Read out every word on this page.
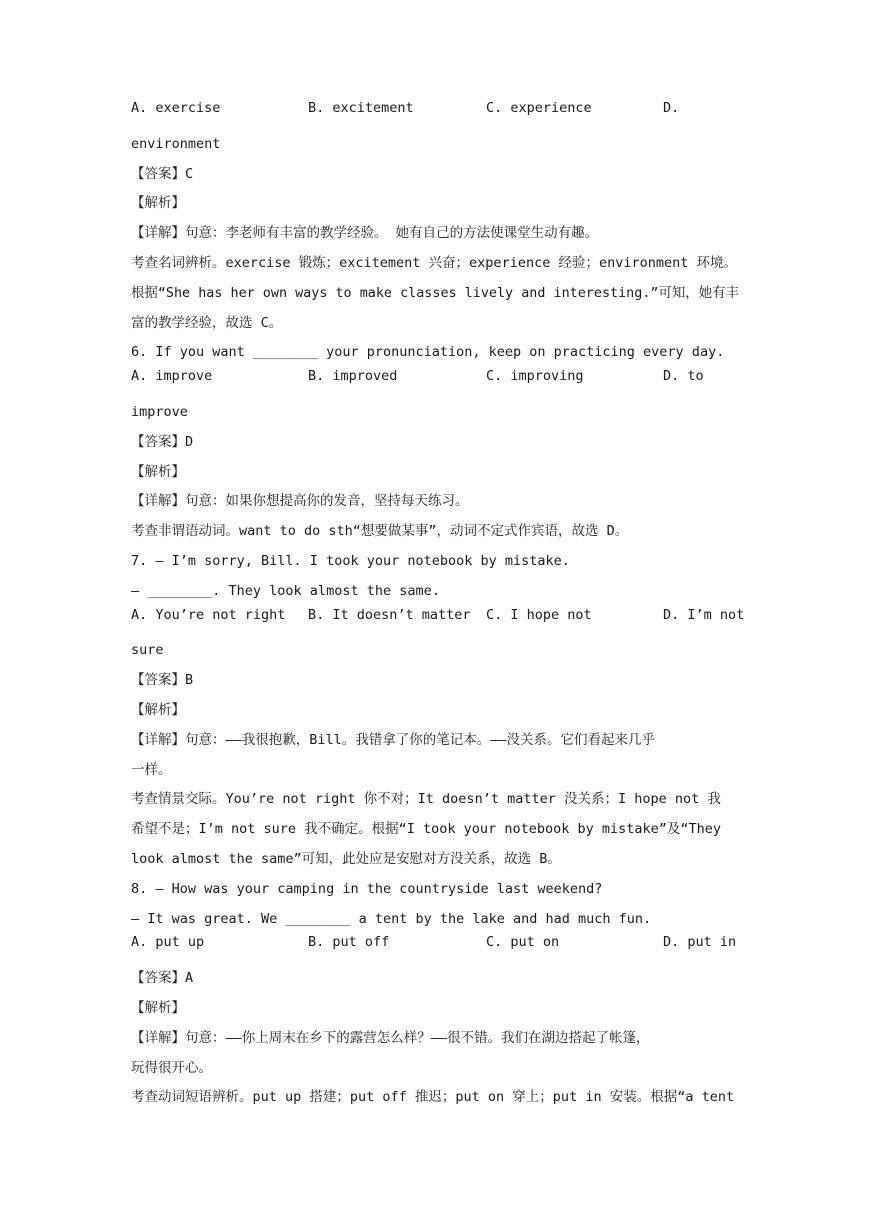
A. exercise	B. excitement	C. experience	D.
environment
【答案】C
【解析】
【详解】句意：李老师有丰富的教学经验。 她有自己的方法使课堂生动有趣。
考查名词辨析。exercise 锻炼；excitement 兴奋；experience 经验；environment 环境。
根据“She has her own ways to make classes lively and interesting.”可知，她有丰
富的教学经验，故选 C。
6. If you want ________ your pronunciation, keep on practicing every day.
A. improve	B. improved	C. improving	D. to
improve
【答案】D
【解析】
【详解】句意：如果你想提高你的发音，坚持每天练习。
考查非谓语动词。want to do sth“想要做某事”，动词不定式作宾语，故选 D。
7. — I’m sorry, Bill. I took your notebook by mistake.
— ________. They look almost the same.
A. You’re not right B. It doesn’t matter C. I hope not	D. I’m not
sure
【答案】B
【解析】
【详解】句意：——我很抱歉，Bill。我错拿了你的笔记本。——没关系。它们看起来几乎
一样。
考查情景交际。You’re not right 你不对；It doesn’t matter 没关系；I hope not 我
希望不是；I’m not sure 我不确定。根据“I took your notebook by mistake”及“They
look almost the same”可知，此处应是安慰对方没关系，故选 B。
8. — How was your camping in the countryside last weekend?
— It was great. We ________ a tent by the lake and had much fun.
A. put up	B. put off	C. put on	D. put in
【答案】A
【解析】
【详解】句意：——你上周末在乡下的露营怎么样？——很不错。我们在湖边搭起了帐篷，
玩得很开心。
考查动词短语辨析。put up 搭建；put off 推迟；put on 穿上；put in 安装。根据“a tent
